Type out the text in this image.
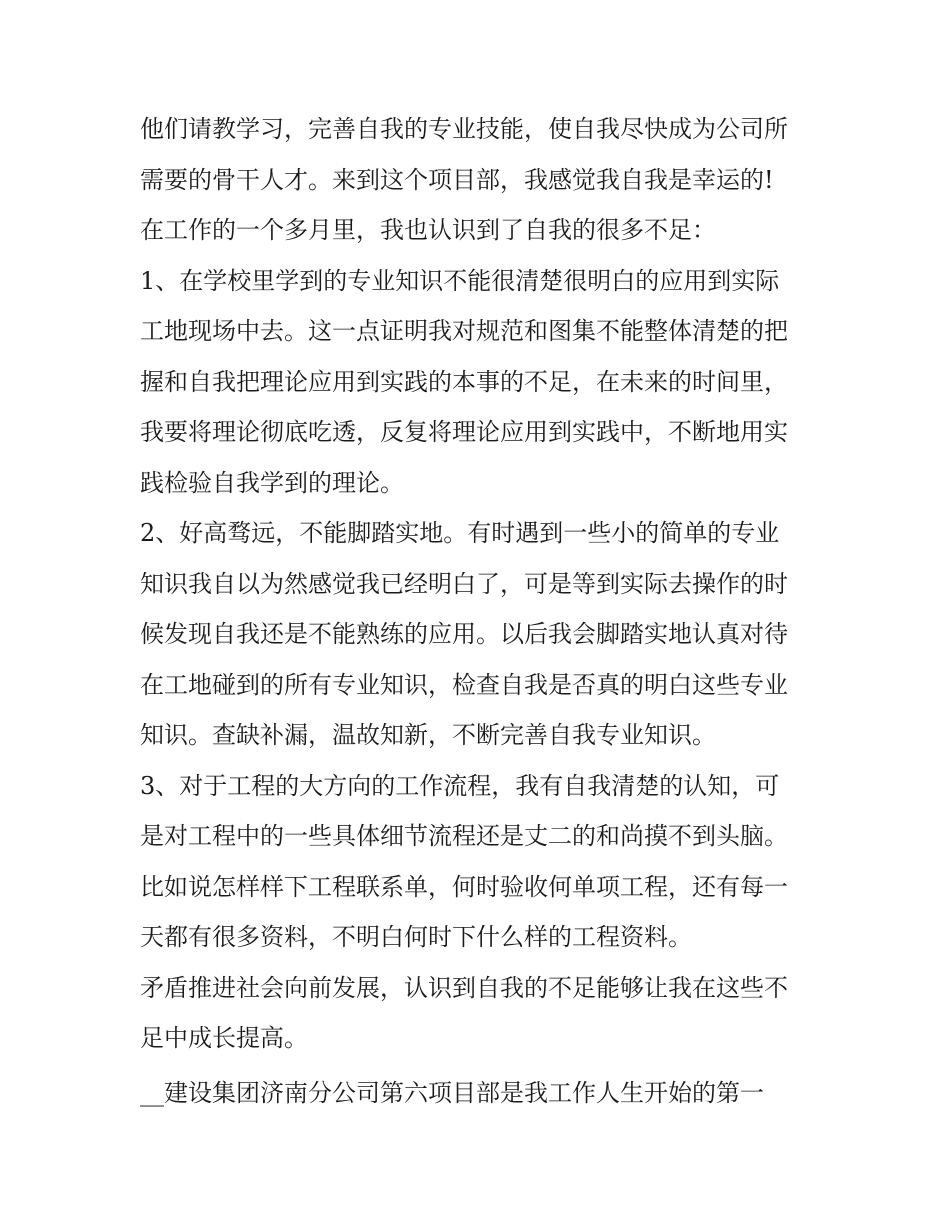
他们请教学习，完善自我的专业技能，使自我尽快成为公司所
需要的骨干人才。来到这个项目部，我感觉我自我是幸运的!
在工作的一个多月里，我也认识到了自我的很多不足：
1、在学校里学到的专业知识不能很清楚很明白的应用到实际
工地现场中去。这一点证明我对规范和图集不能整体清楚的把
握和自我把理论应用到实践的本事的不足，在未来的时间里，
我要将理论彻底吃透，反复将理论应用到实践中，不断地用实
践检验自我学到的理论。
2、好高骛远，不能脚踏实地。有时遇到一些小的简单的专业
知识我自以为然感觉我已经明白了，可是等到实际去操作的时
候发现自我还是不能熟练的应用。以后我会脚踏实地认真对待
在工地碰到的所有专业知识，检查自我是否真的明白这些专业
知识。查缺补漏，温故知新，不断完善自我专业知识。
3、对于工程的大方向的工作流程，我有自我清楚的认知，可
是对工程中的一些具体细节流程还是丈二的和尚摸不到头脑。
比如说怎样样下工程联系单，何时验收何单项工程，还有每一
天都有很多资料，不明白何时下什么样的工程资料。
矛盾推进社会向前发展，认识到自我的不足能够让我在这些不
足中成长提高。
__建设集团济南分公司第六项目部是我工作人生开始的第一
